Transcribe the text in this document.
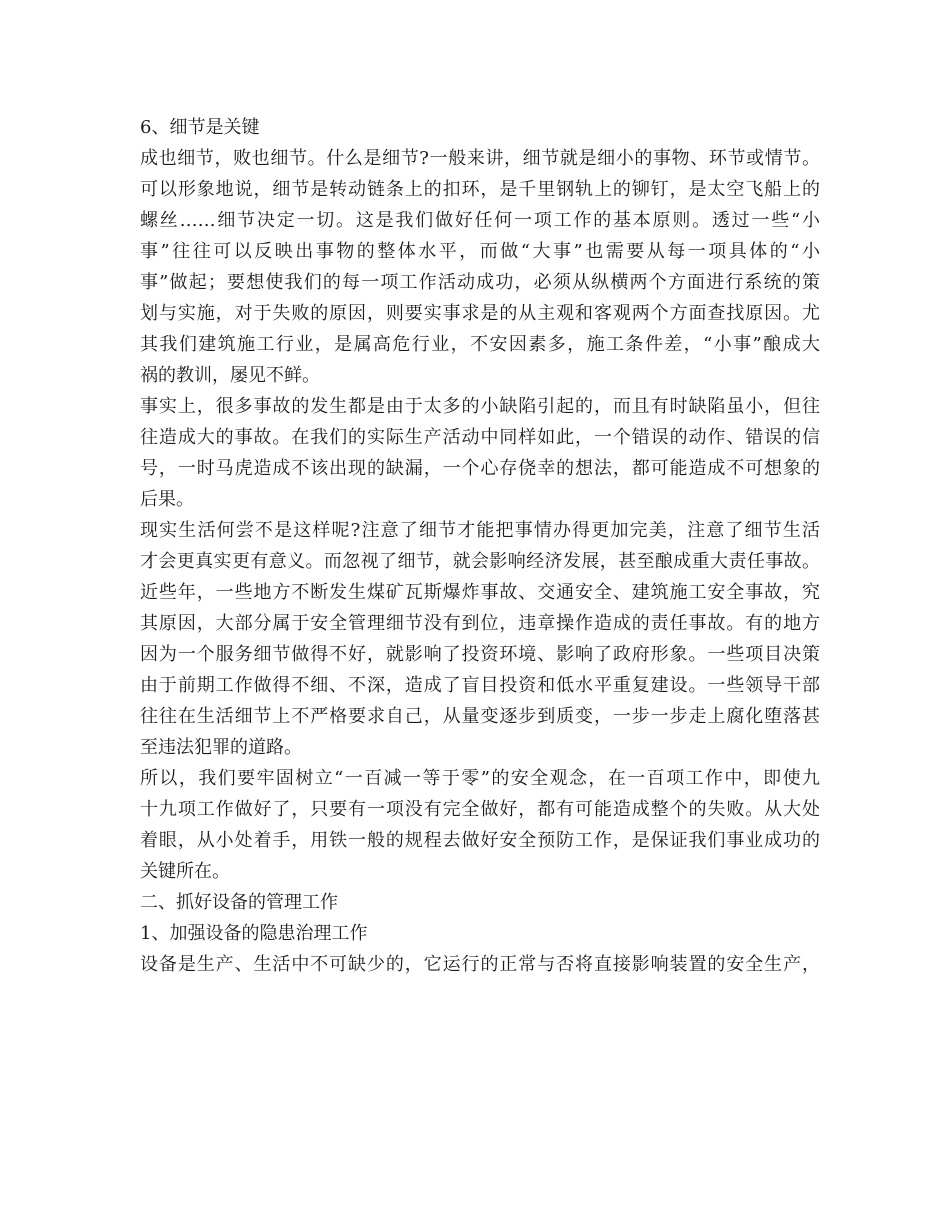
6、细节是关键

成也细节，败也细节。什么是细节?一般来讲，细节就是细小的事物、环节或情节。

可以形象地说，细节是转动链条上的扣环，是千里钢轨上的铆钉，是太空飞船上的

螺丝……细节决定一切。这是我们做好任何一项工作的基本原则。透过一些“小

事”往往可以反映出事物的整体水平，而做“大事”也需要从每一项具体的“小

事”做起；要想使我们的每一项工作活动成功，必须从纵横两个方面进行系统的策

划与实施，对于失败的原因，则要实事求是的从主观和客观两个方面查找原因。尤

其我们建筑施工行业，是属高危行业，不安因素多，施工条件差，“小事”酿成大

祸的教训，屡见不鲜。

事实上，很多事故的发生都是由于太多的小缺陷引起的，而且有时缺陷虽小，但往

往造成大的事故。在我们的实际生产活动中同样如此，一个错误的动作、错误的信

号，一时马虎造成不该出现的缺漏，一个心存侥幸的想法，都可能造成不可想象的

后果。

现实生活何尝不是这样呢?注意了细节才能把事情办得更加完美，注意了细节生活

才会更真实更有意义。而忽视了细节，就会影响经济发展，甚至酿成重大责任事故。

近些年，一些地方不断发生煤矿瓦斯爆炸事故、交通安全、建筑施工安全事故，究

其原因，大部分属于安全管理细节没有到位，违章操作造成的责任事故。有的地方

因为一个服务细节做得不好，就影响了投资环境、影响了政府形象。一些项目决策

由于前期工作做得不细、不深，造成了盲目投资和低水平重复建设。一些领导干部

往往在生活细节上不严格要求自己，从量变逐步到质变，一步一步走上腐化堕落甚

至违法犯罪的道路。

所以，我们要牢固树立“一百减一等于零”的安全观念，在一百项工作中，即使九

十九项工作做好了，只要有一项没有完全做好，都有可能造成整个的失败。从大处

着眼，从小处着手，用铁一般的规程去做好安全预防工作，是保证我们事业成功的

关键所在。

二、抓好设备的管理工作
1、加强设备的隐患治理工作

设备是生产、生活中不可缺少的，它运行的正常与否将直接影响装置的安全生产，
